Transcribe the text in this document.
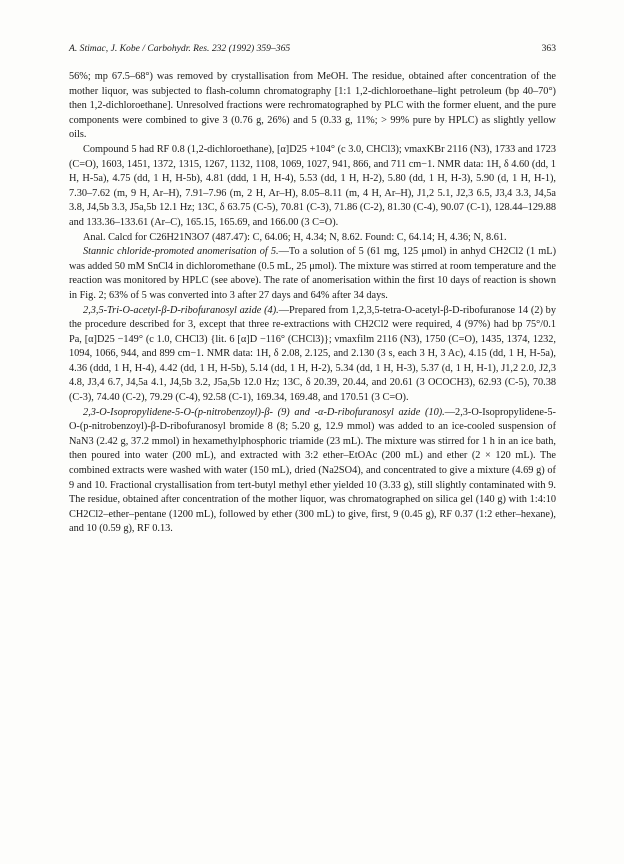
A. Stimac, J. Kobe / Carbohydr. Res. 232 (1992) 359–365	363

56%; mp 67.5–68°) was removed by crystallisation from MeOH. The residue, obtained after concentration of the mother liquor, was subjected to flash-column chromatography [1:1 1,2-dichloroethane–light petroleum (bp 40–70°) then 1,2-dichloroethane]. Unresolved fractions were rechromatographed by PLC with the former eluent, and the pure components were combined to give 3 (0.76 g, 26%) and 5 (0.33 g, 11%; > 99% pure by HPLC) as slightly yellow oils.

Compound 5 had RF 0.8 (1,2-dichloroethane), [α]D25 +104° (c 3.0, CHCl3); νmaxKBr 2116 (N3), 1733 and 1723 (C=O), 1603, 1451, 1372, 1315, 1267, 1132, 1108, 1069, 1027, 941, 866, and 711 cm−1. NMR data: 1H, δ 4.60 (dd, 1 H, H-5a), 4.75 (dd, 1 H, H-5b), 4.81 (ddd, 1 H, H-4), 5.53 (dd, 1 H, H-2), 5.80 (dd, 1 H, H-3), 5.90 (d, 1 H, H-1), 7.30–7.62 (m, 9 H, Ar–H), 7.91–7.96 (m, 2 H, Ar–H), 8.05–8.11 (m, 4 H, Ar–H), J1,2 5.1, J2,3 6.5, J3,4 3.3, J4,5a 3.8, J4,5b 3.3, J5a,5b 12.1 Hz; 13C, δ 63.75 (C-5), 70.81 (C-3), 71.86 (C-2), 81.30 (C-4), 90.07 (C-1), 128.44–129.88 and 133.36–133.61 (Ar–C), 165.15, 165.69, and 166.00 (3 C=O).

Anal. Calcd for C26H21N3O7 (487.47): C, 64.06; H, 4.34; N, 8.62. Found: C, 64.14; H, 4.36; N, 8.61.

Stannic chloride-promoted anomerisation of 5.—To a solution of 5 (61 mg, 125 μmol) in anhyd CH2Cl2 (1 mL) was added 50 mM SnCl4 in dichloromethane (0.5 mL, 25 μmol). The mixture was stirred at room temperature and the reaction was monitored by HPLC (see above). The rate of anomerisation within the first 10 days of reaction is shown in Fig. 2; 63% of 5 was converted into 3 after 27 days and 64% after 34 days.

2,3,5-Tri-O-acetyl-β-D-ribofuranosyl azide (4).—Prepared from 1,2,3,5-tetra-O-acetyl-β-D-ribofuranose 14 (2) by the procedure described for 3, except that three re-extractions with CH2Cl2 were required, 4 (97%) had bp 75°/0.1 Pa, [α]D25 −149° (c 1.0, CHCl3) {lit. 6 [α]D −116° (CHCl3)}; νmaxfilm 2116 (N3), 1750 (C=O), 1435, 1374, 1232, 1094, 1066, 944, and 899 cm−1. NMR data: 1H, δ 2.08, 2.125, and 2.130 (3 s, each 3 H, 3 Ac), 4.15 (dd, 1 H, H-5a), 4.36 (ddd, 1 H, H-4), 4.42 (dd, 1 H, H-5b), 5.14 (dd, 1 H, H-2), 5.34 (dd, 1 H, H-3), 5.37 (d, 1 H, H-1), J1,2 2.0, J2,3 4.8, J3,4 6.7, J4,5a 4.1, J4,5b 3.2, J5a,5b 12.0 Hz; 13C, δ 20.39, 20.44, and 20.61 (3 OCOCH3), 62.93 (C-5), 70.38 (C-3), 74.40 (C-2), 79.29 (C-4), 92.58 (C-1), 169.34, 169.48, and 170.51 (3 C=O).

2,3-O-Isopropylidene-5-O-(p-nitrobenzoyl)-β- (9) and -α-D-ribofuranosyl azide (10).—2,3-O-Isopropylidene-5-O-(p-nitrobenzoyl)-β-D-ribofuranosyl bromide 8 (8; 5.20 g, 12.9 mmol) was added to an ice-cooled suspension of NaN3 (2.42 g, 37.2 mmol) in hexamethylphosphoric triamide (23 mL). The mixture was stirred for 1 h in an ice bath, then poured into water (200 mL), and extracted with 3:2 ether–EtOAc (200 mL) and ether (2 × 120 mL). The combined extracts were washed with water (150 mL), dried (Na2SO4), and concentrated to give a mixture (4.69 g) of 9 and 10. Fractional crystallisation from tert-butyl methyl ether yielded 10 (3.33 g), still slightly contaminated with 9. The residue, obtained after concentration of the mother liquor, was chromatographed on silica gel (140 g) with 1:4:10 CH2Cl2–ether–pentane (1200 mL), followed by ether (300 mL) to give, first, 9 (0.45 g), RF 0.37 (1:2 ether–hexane), and 10 (0.59 g), RF 0.13.
